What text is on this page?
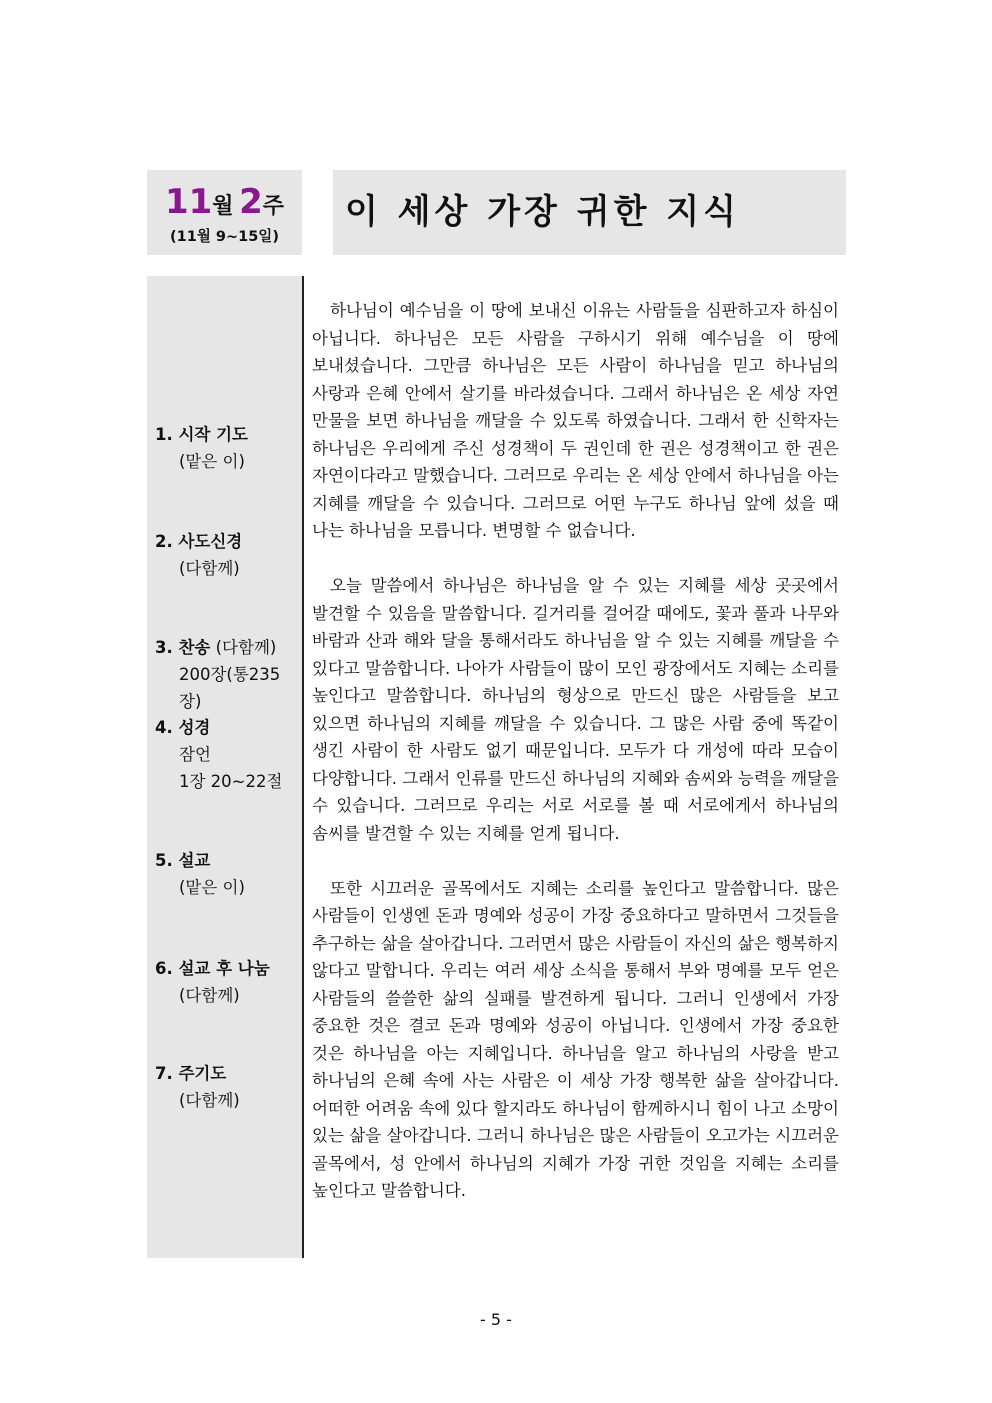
11월 2주
(11월 9~15일)
이 세상 가장 귀한 지식
1. 시작 기도
(맡은 이)
2. 사도신경
(다함께)
3. 찬송 (다함께)
200장(통235장)
4. 성경
잠언
1장 20~22절
5. 설교
(맡은 이)
6. 설교 후 나눔
(다함께)
7. 주기도
(다함께)

하나님이 예수님을 이 땅에 보내신 이유는 사람들을 심판하고자 하심이 아닙니다. 하나님은 모든 사람을 구하시기 위해 예수님을 이 땅에 보내셨습니다. 그만큼 하나님은 모든 사람이 하나님을 믿고 하나님의 사랑과 은혜 안에서 살기를 바라셨습니다. 그래서 하나님은 온 세상 자연 만물을 보면 하나님을 깨달을 수 있도록 하였습니다. 그래서 한 신학자는 하나님은 우리에게 주신 성경책이 두 권인데 한 권은 성경책이고 한 권은 자연이다라고 말했습니다. 그러므로 우리는 온 세상 안에서 하나님을 아는 지혜를 깨달을 수 있습니다. 그러므로 어떤 누구도 하나님 앞에 섰을 때 나는 하나님을 모릅니다. 변명할 수 없습니다.

오늘 말씀에서 하나님은 하나님을 알 수 있는 지혜를 세상 곳곳에서 발견할 수 있음을 말씀합니다. 길거리를 걸어갈 때에도, 꽃과 풀과 나무와 바람과 산과 해와 달을 통해서라도 하나님을 알 수 있는 지혜를 깨달을 수 있다고 말씀합니다. 나아가 사람들이 많이 모인 광장에서도 지혜는 소리를 높인다고 말씀합니다. 하나님의 형상으로 만드신 많은 사람들을 보고 있으면 하나님의 지혜를 깨달을 수 있습니다. 그 많은 사람 중에 똑같이 생긴 사람이 한 사람도 없기 때문입니다. 모두가 다 개성에 따라 모습이 다양합니다. 그래서 인류를 만드신 하나님의 지혜와 솜씨와 능력을 깨달을 수 있습니다. 그러므로 우리는 서로 서로를 볼 때 서로에게서 하나님의 솜씨를 발견할 수 있는 지혜를 얻게 됩니다.

또한 시끄러운 골목에서도 지혜는 소리를 높인다고 말씀합니다. 많은 사람들이 인생엔 돈과 명예와 성공이 가장 중요하다고 말하면서 그것들을 추구하는 삶을 살아갑니다. 그러면서 많은 사람들이 자신의 삶은 행복하지 않다고 말합니다. 우리는 여러 세상 소식을 통해서 부와 명예를 모두 얻은 사람들의 쓸쓸한 삶의 실패를 발견하게 됩니다. 그러니 인생에서 가장 중요한 것은 결코 돈과 명예와 성공이 아닙니다. 인생에서 가장 중요한 것은 하나님을 아는 지혜입니다. 하나님을 알고 하나님의 사랑을 받고 하나님의 은혜 속에 사는 사람은 이 세상 가장 행복한 삶을 살아갑니다. 어떠한 어려움 속에 있다 할지라도 하나님이 함께하시니 힘이 나고 소망이 있는 삶을 살아갑니다. 그러니 하나님은 많은 사람들이 오고가는 시끄러운 골목에서, 성 안에서 하나님의 지혜가 가장 귀한 것임을 지혜는 소리를 높인다고 말씀합니다.

- 5 -
